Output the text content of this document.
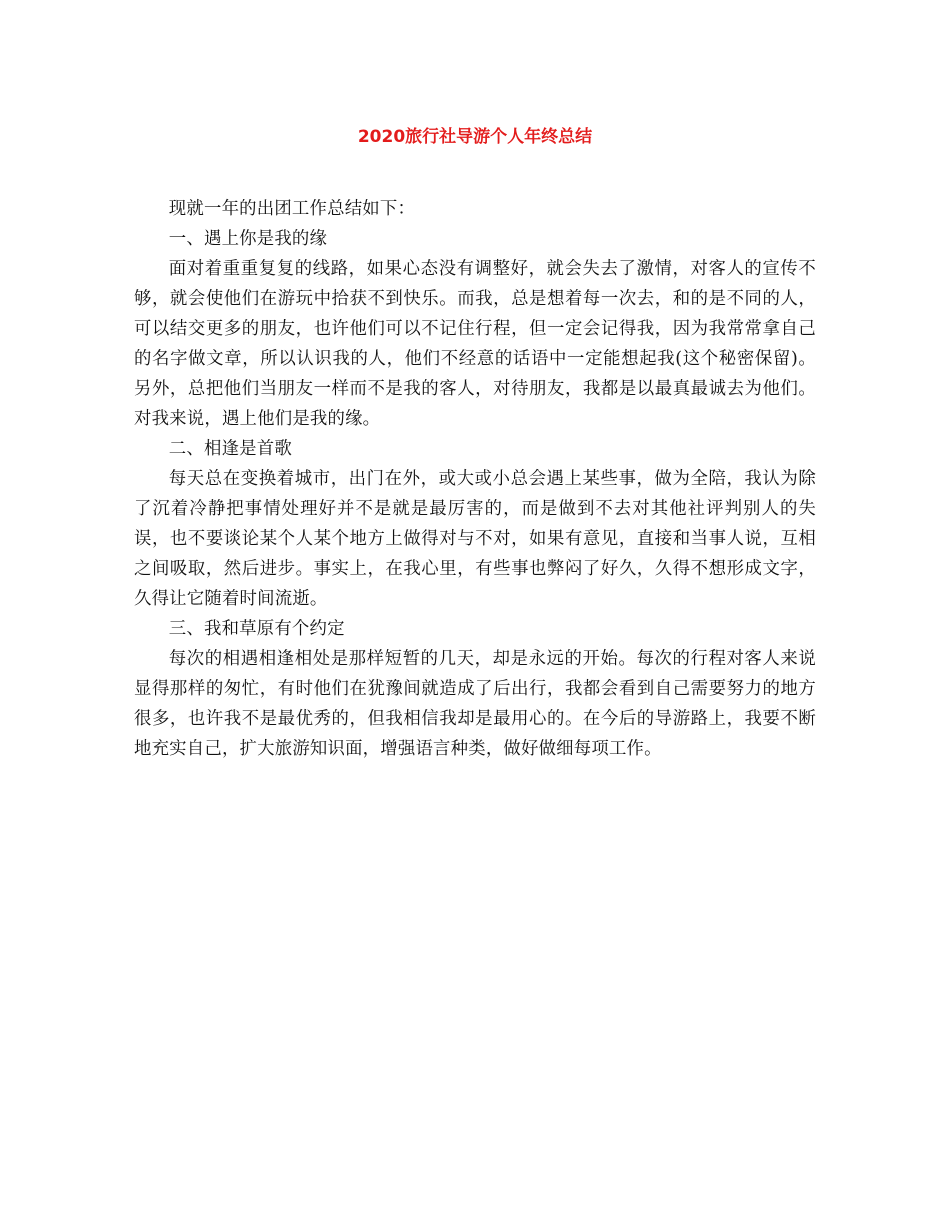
2020旅行社导游个人年终总结

现就一年的出团工作总结如下：

一、遇上你是我的缘

面对着重重复复的线路，如果心态没有调整好，就会失去了激情，对客人的宣传不够，就会使他们在游玩中拾获不到快乐。而我，总是想着每一次去，和的是不同的人，可以结交更多的朋友，也许他们可以不记住行程，但一定会记得我，因为我常常拿自己的名字做文章，所以认识我的人，他们不经意的话语中一定能想起我(这个秘密保留)。另外，总把他们当朋友一样而不是我的客人，对待朋友，我都是以最真最诚去为他们。对我来说，遇上他们是我的缘。

二、相逢是首歌

每天总在变换着城市，出门在外，或大或小总会遇上某些事，做为全陪，我认为除了沉着冷静把事情处理好并不是就是最厉害的，而是做到不去对其他社评判别人的失误，也不要谈论某个人某个地方上做得对与不对，如果有意见，直接和当事人说，互相之间吸取，然后进步。事实上，在我心里，有些事也弊闷了好久，久得不想形成文字，久得让它随着时间流逝。

三、我和草原有个约定

每次的相遇相逢相处是那样短暂的几天，却是永远的开始。每次的行程对客人来说显得那样的匆忙，有时他们在犹豫间就造成了后出行，我都会看到自己需要努力的地方很多，也许我不是最优秀的，但我相信我却是最用心的。在今后的导游路上，我要不断地充实自己，扩大旅游知识面，增强语言种类，做好做细每项工作。
